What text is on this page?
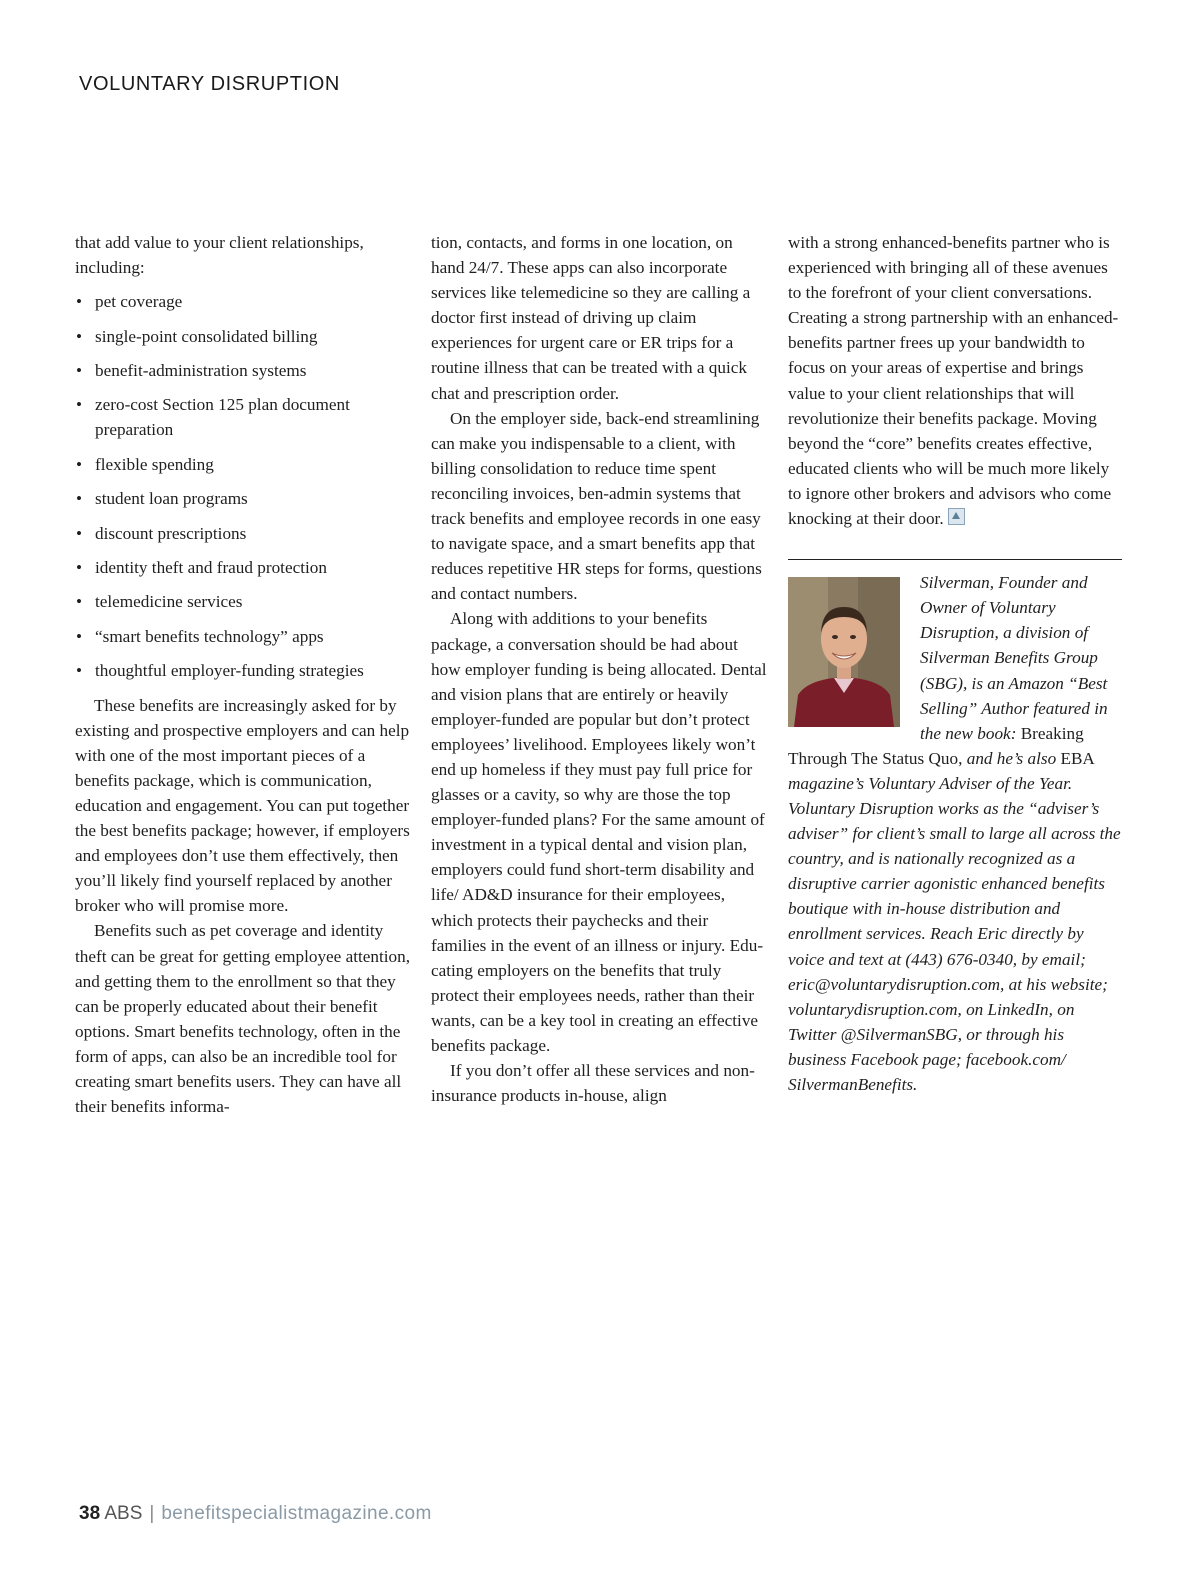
VOLUNTARY DISRUPTION

that add value to your client relationships, including:

• pet coverage
• single-point consolidated billing
• benefit-administration systems
• zero-cost Section 125 plan document preparation
• flexible spending
• student loan programs
• discount prescriptions
• identity theft and fraud protection
• telemedicine services
• “smart benefits technology” apps
• thoughtful employer-funding strategies

These benefits are increasingly asked for by existing and prospective employers and can help with one of the most important pieces of a benefits package, which is communication, education and engagement. You can put together the best benefits package; however, if employers and employees don’t use them effectively, then you’ll likely find yourself replaced by another broker who will promise more.

Benefits such as pet coverage and identity theft can be great for getting employee attention, and getting them to the enrollment so that they can be properly educated about their benefit options. Smart benefits technology, often in the form of apps, can also be an incredible tool for creating smart benefits users. They can have all their benefits informa-

tion, contacts, and forms in one location, on hand 24/7. These apps can also incorporate services like telemedicine so they are calling a doctor first instead of driving up claim experiences for urgent care or ER trips for a routine illness that can be treated with a quick chat and prescription order.

On the employer side, back-end streamlining can make you indispensable to a client, with billing consolidation to reduce time spent reconciling invoices, ben-admin systems that track benefits and employee records in one easy to navigate space, and a smart benefits app that reduces repetitive HR steps for forms, questions and contact numbers.

Along with additions to your benefits package, a conversation should be had about how employer funding is being allocated. Dental and vision plans that are entirely or heavily employer-funded are popular but don’t protect employees’ livelihood. Employees likely won’t end up homeless if they must pay full price for glasses or a cavity, so why are those the top employer-funded plans? For the same amount of investment in a typical dental and vision plan, employers could fund short-term disability and life/ AD&D insurance for their employees, which protects their paychecks and their families in the event of an illness or injury. Educating employers on the benefits that truly protect their employees needs, rather than their wants, can be a key tool in creating an effective benefits package.

If you don’t offer all these services and non-insurance products in-house, align

with a strong enhanced-benefits partner who is experienced with bringing all of these avenues to the forefront of your client conversations. Creating a strong partnership with an enhanced-benefits partner frees up your bandwidth to focus on your areas of expertise and brings value to your client relationships that will revolutionize their benefits package. Moving beyond the “core” benefits creates effective, educated clients who will be much more likely to ignore other brokers and advisors who come knocking at their door.

Silverman, Founder and Owner of Voluntary Disruption, a division of Silverman Benefits Group (SBG), is an Amazon “Best Selling” Author featured in the new book: Breaking Through The Status Quo, and he’s also EBA magazine’s Voluntary Adviser of the Year. Voluntary Disruption works as the “adviser’s adviser” for client’s small to large all across the country, and is nationally recognized as a disruptive carrier agonistic enhanced benefits boutique with in-house distribution and enrollment services. Reach Eric directly by voice and text at (443) 676-0340, by email; eric@voluntarydisruption.com, at his website; voluntarydisruption.com, on LinkedIn, on Twitter @SilvermanSBG, or through his business Facebook page; facebook.com/ SilvermanBenefits.

38 ABS | benefitspecialistmagazine.com
